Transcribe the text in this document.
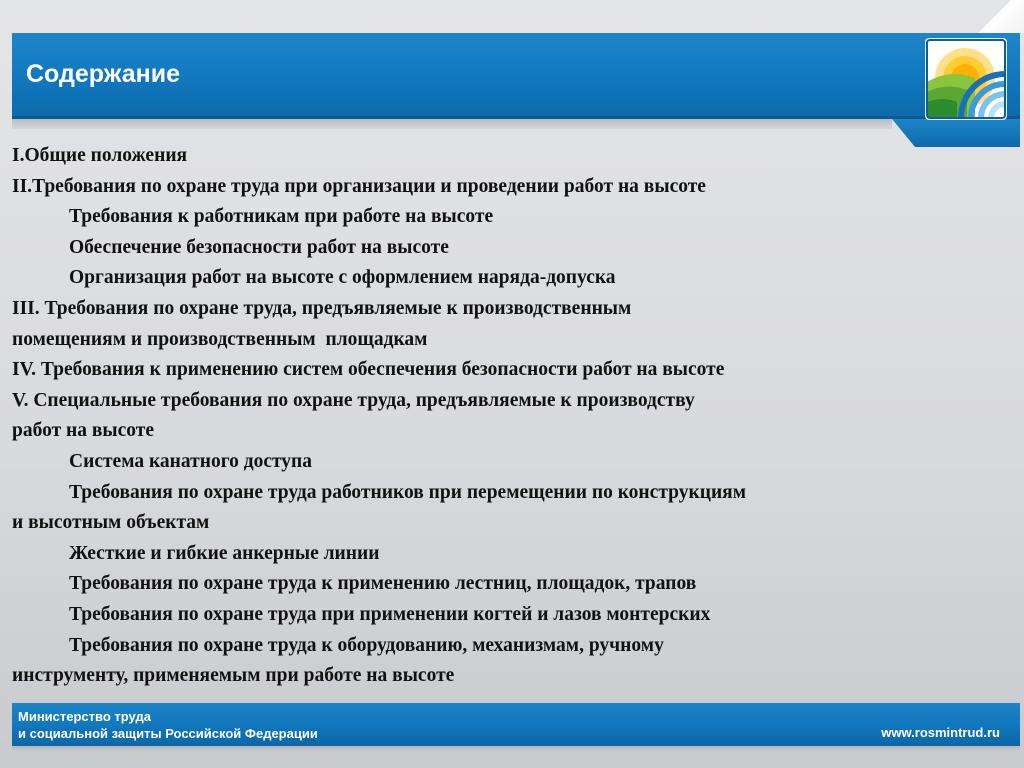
Содержание
I.Общие положения
II.Требования по охране труда при организации и проведении работ на высоте
Требования к работникам при работе на высоте
Обеспечение безопасности работ на высоте
Организация работ на высоте с оформлением наряда-допуска
III. Требования по охране труда, предъявляемые к производственным
помещениям и производственным  площадкам
IV. Требования к применению систем обеспечения безопасности работ на высоте
V. Специальные требования по охране труда, предъявляемые к производству
работ на высоте
Система канатного доступа
Требования по охране труда работников при перемещении по конструкциям
и высотным объектам
Жесткие и гибкие анкерные линии
Требования по охране труда к применению лестниц, площадок, трапов
Требования по охране труда при применении когтей и лазов монтерских
Требования по охране труда к оборудованию, механизмам, ручному
инструменту, применяемым при работе на высоте
Министерство труда
и социальной защиты Российской Федерации	www.rosmintrud.ru
